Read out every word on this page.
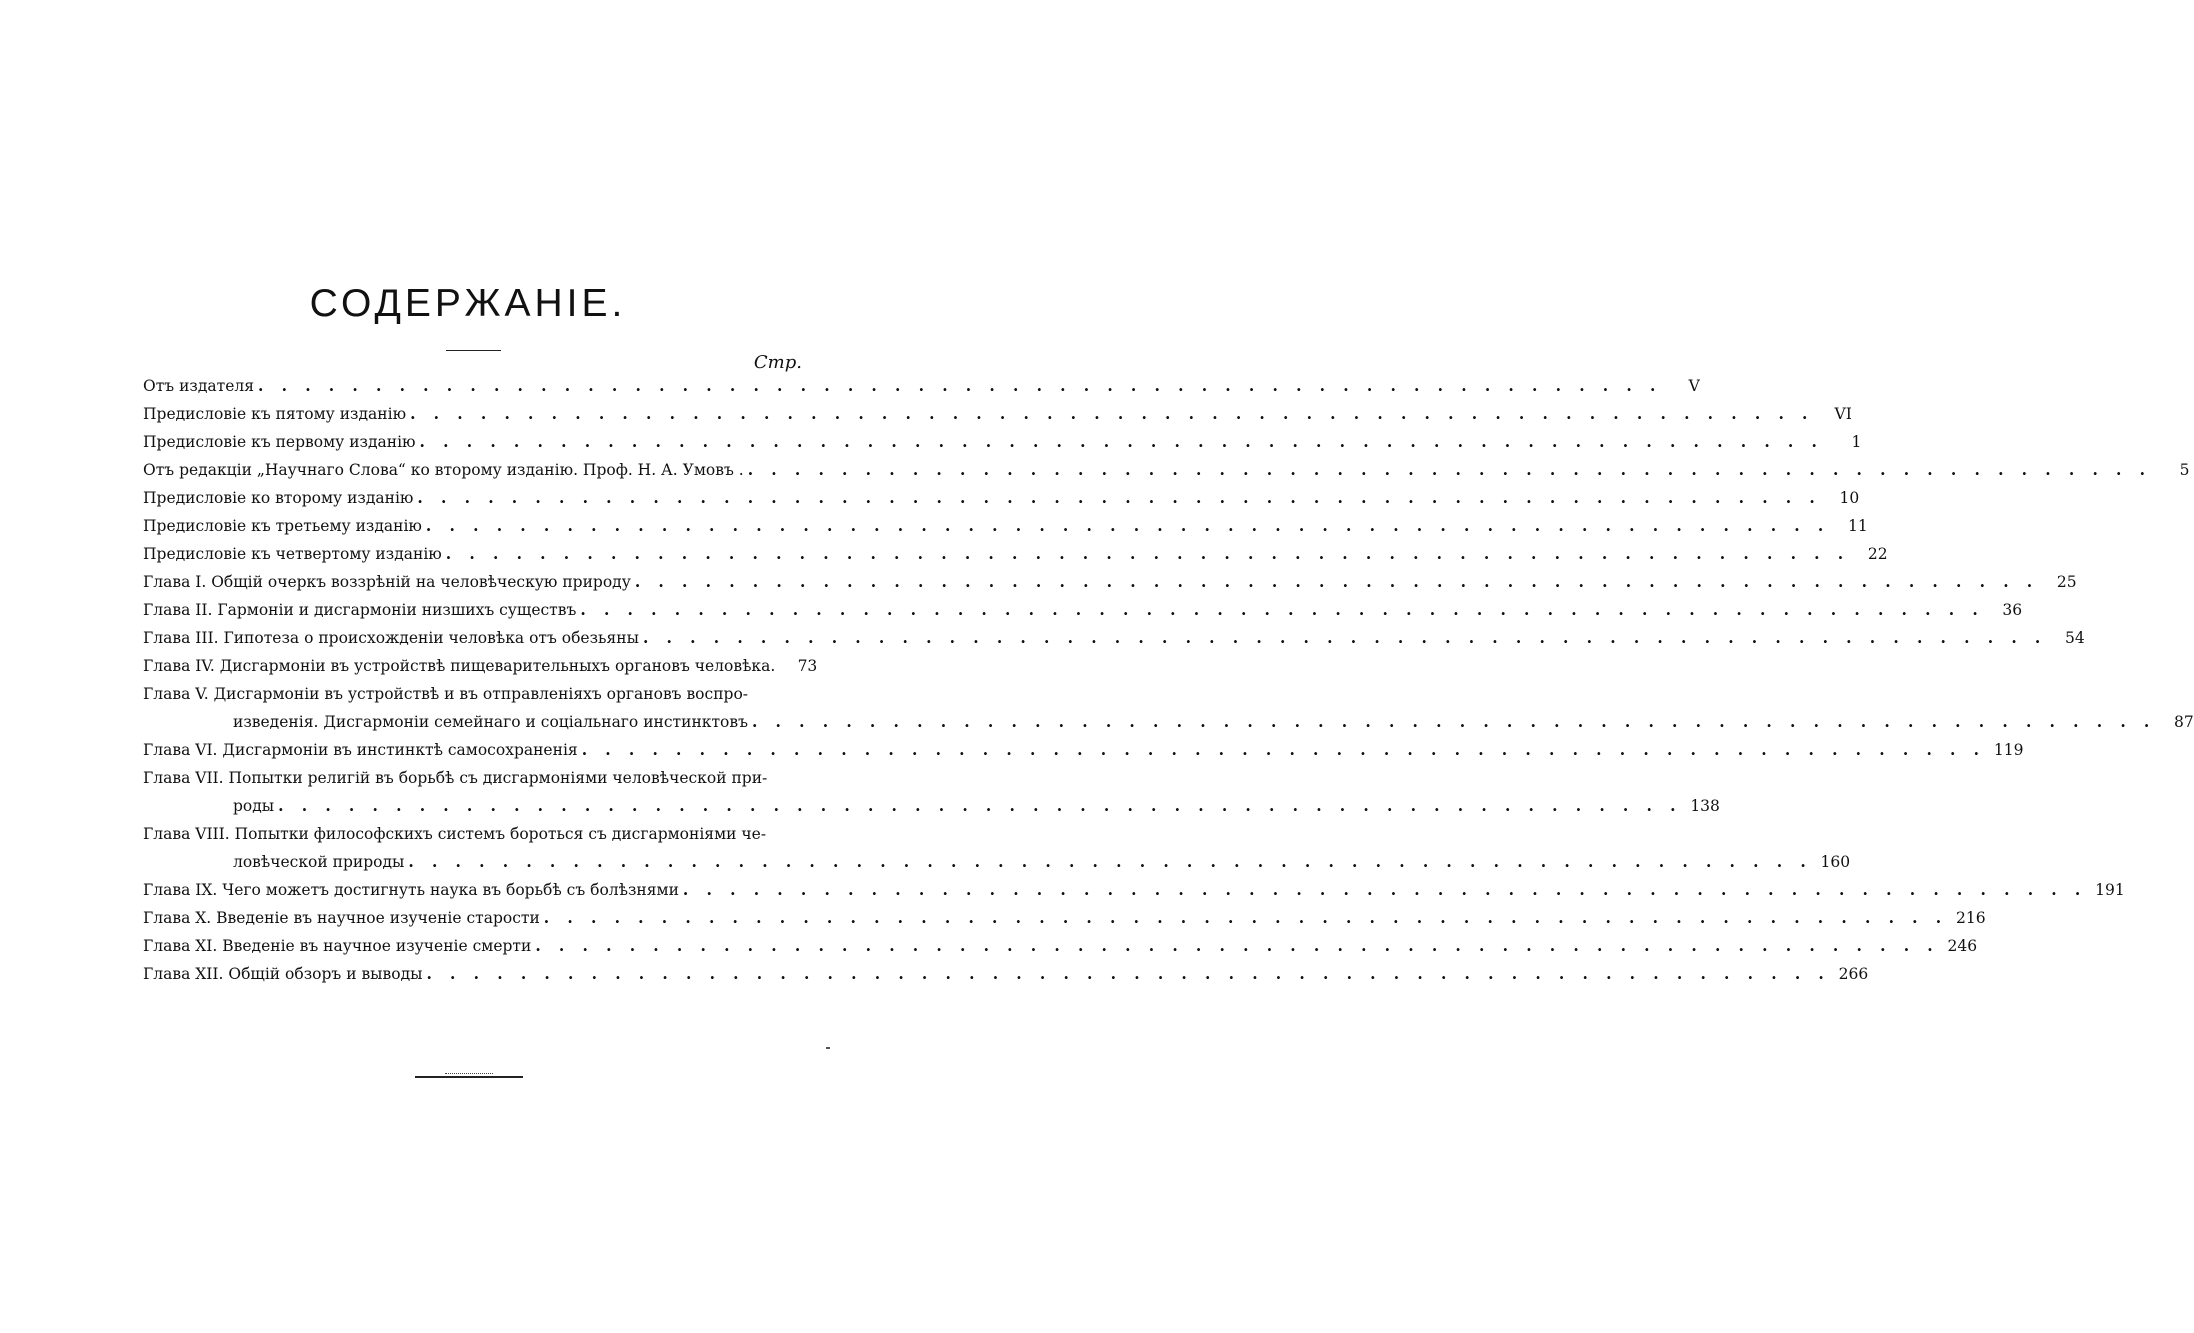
СОДЕРЖАНІЕ.
Стр.
Отъ издателя . . . . . . . . . . . . . . . . . . . . . . . . . . . . . . . . . . . . . . . . . . . . . . . . . . . . . . . . . . . .	V
Предисловіе къ пятому изданію . . . . . . . . . . . . . . . . . . . . . . . . . . . . . . . . . . . . . . . . . . . . . . . . . . . . . . . . . . . .	VI
Предисловіе къ первому изданію . . . . . . . . . . . . . . . . . . . . . . . . . . . . . . . . . . . . . . . . . . . . . . . . . . . . . . . . . . . .	1
Отъ редакціи „Научнаго Слова“ ко второму изданію. Проф. Н. А. Умовъ . . . . . . . . . . . . . . . . . . . . . . . . . . . . . . . . . . . . . . . . . . . . . . . . . . . . . . . . . . . . .	5
Предисловіе ко второму изданію . . . . . . . . . . . . . . . . . . . . . . . . . . . . . . . . . . . . . . . . . . . . . . . . . . . . . . . . . . . .	10
Предисловіе къ третьему изданію . . . . . . . . . . . . . . . . . . . . . . . . . . . . . . . . . . . . . . . . . . . . . . . . . . . . . . . . . . . .	11
Предисловіе къ четвертому изданію . . . . . . . . . . . . . . . . . . . . . . . . . . . . . . . . . . . . . . . . . . . . . . . . . . . . . . . . . . . .	22
Глава I. Общій очеркъ воззрѣній на человѣческую природу . . . . . . . . . . . . . . . . . . . . . . . . . . . . . . . . . . . . . . . . . . . . . . . . . . . . . . . . . . . .	25
Глава II. Гармоніи и дисгармоніи низшихъ существъ . . . . . . . . . . . . . . . . . . . . . . . . . . . . . . . . . . . . . . . . . . . . . . . . . . . . . . . . . . . .	36
Глава III. Гипотеза о происхожденіи человѣка отъ обезьяны . . . . . . . . . . . . . . . . . . . . . . . . . . . . . . . . . . . . . . . . . . . . . . . . . . . . . . . . . . . .	54
Глава IV. Дисгармоніи въ устройствѣ пищеварительныхъ органовъ человѣка.	73
Глава V. Дисгармоніи въ устройствѣ и въ отправленіяхъ органовъ воспро-
изведенія. Дисгармоніи семейнаго и соціальнаго инстинктовъ . . . . . . . . . . . . . . . . . . . . . . . . . . . . . . . . . . . . . . . . . . . . . . . . . . . . . . . . . . . .	87
Глава VI. Дисгармоніи въ инстинктѣ самосохраненія . . . . . . . . . . . . . . . . . . . . . . . . . . . . . . . . . . . . . . . . . . . . . . . . . . . . . . . . . . . . 119
Глава VII. Попытки религій въ борьбѣ съ дисгармоніями человѣческой при-
роды . . . . . . . . . . . . . . . . . . . . . . . . . . . . . . . . . . . . . . . . . . . . . . . . . . . . . . . . . . . . 138
Глава VIII. Попытки философскихъ системъ бороться съ дисгармоніями че-
ловѣческой природы . . . . . . . . . . . . . . . . . . . . . . . . . . . . . . . . . . . . . . . . . . . . . . . . . . . . . . . . . . . . 160
Глава IX. Чего можетъ достигнуть наука въ борьбѣ съ болѣзнями . . . . . . . . . . . . . . . . . . . . . . . . . . . . . . . . . . . . . . . . . . . . . . . . . . . . . . . . . . . . 191
Глава X. Введеніе въ научное изученіе старости . . . . . . . . . . . . . . . . . . . . . . . . . . . . . . . . . . . . . . . . . . . . . . . . . . . . . . . . . . . . 216
Глава XI. Введеніе въ научное изученіе смерти . . . . . . . . . . . . . . . . . . . . . . . . . . . . . . . . . . . . . . . . . . . . . . . . . . . . . . . . . . . . 246
Глава XII. Общій обзоръ и выводы . . . . . . . . . . . . . . . . . . . . . . . . . . . . . . . . . . . . . . . . . . . . . . . . . . . . . . . . . . . . 266
